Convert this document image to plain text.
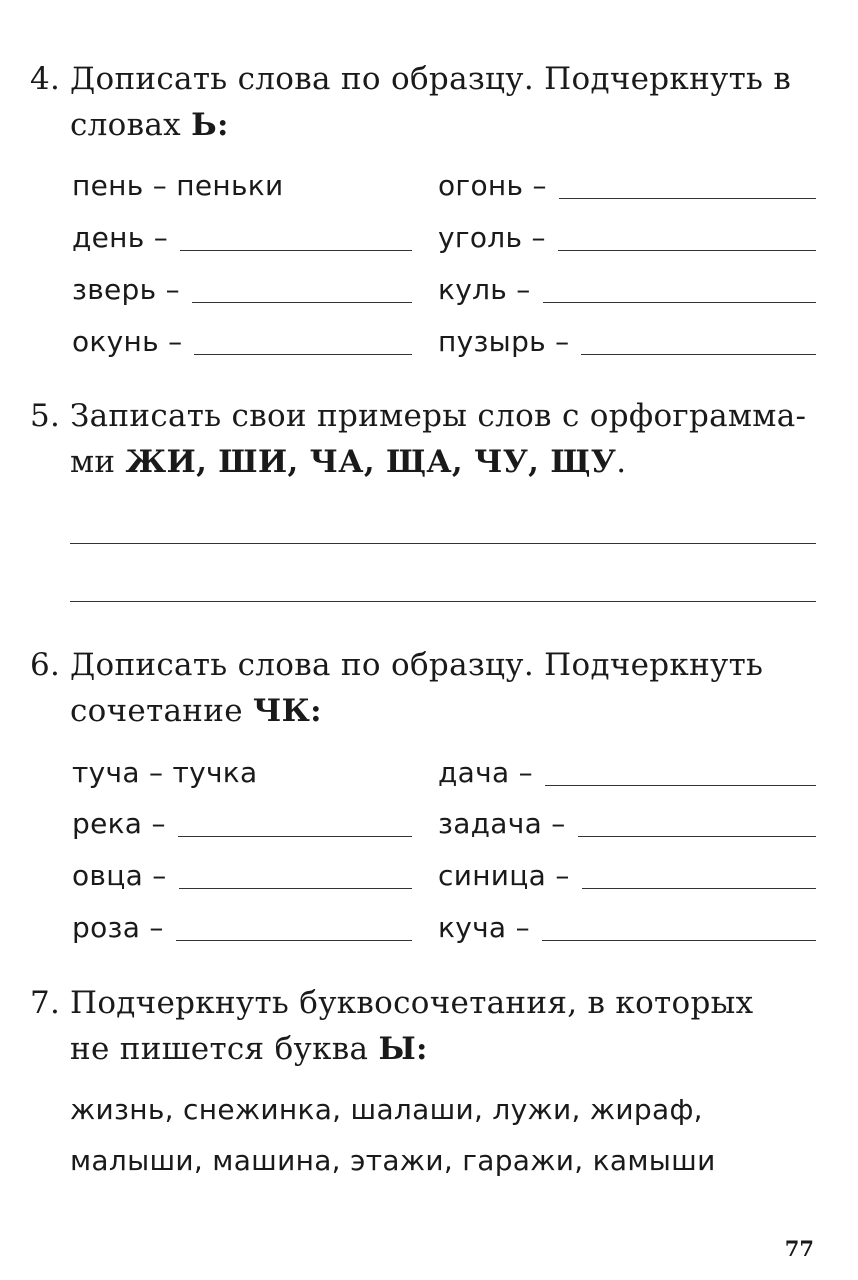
4. Дописать слова по образцу. Подчеркнуть в
словах Ь:
пень – пеньки	огонь –
день –	уголь –
зверь –	куль –
окунь –	пузырь –
5. Записать свои примеры слов с орфограмма-
ми ЖИ, ШИ, ЧА, ЩА, ЧУ, ЩУ.
6. Дописать слова по образцу. Подчеркнуть
сочетание ЧК:
туча – тучка	дача –
река –	задача –
овца –	синица –
роза –	куча –
7. Подчеркнуть буквосочетания, в которых
не пишется буква Ы:
жизнь, снежинка, шалаши, лужи, жираф,
малыши, машина, этажи, гаражи, камыши
77
